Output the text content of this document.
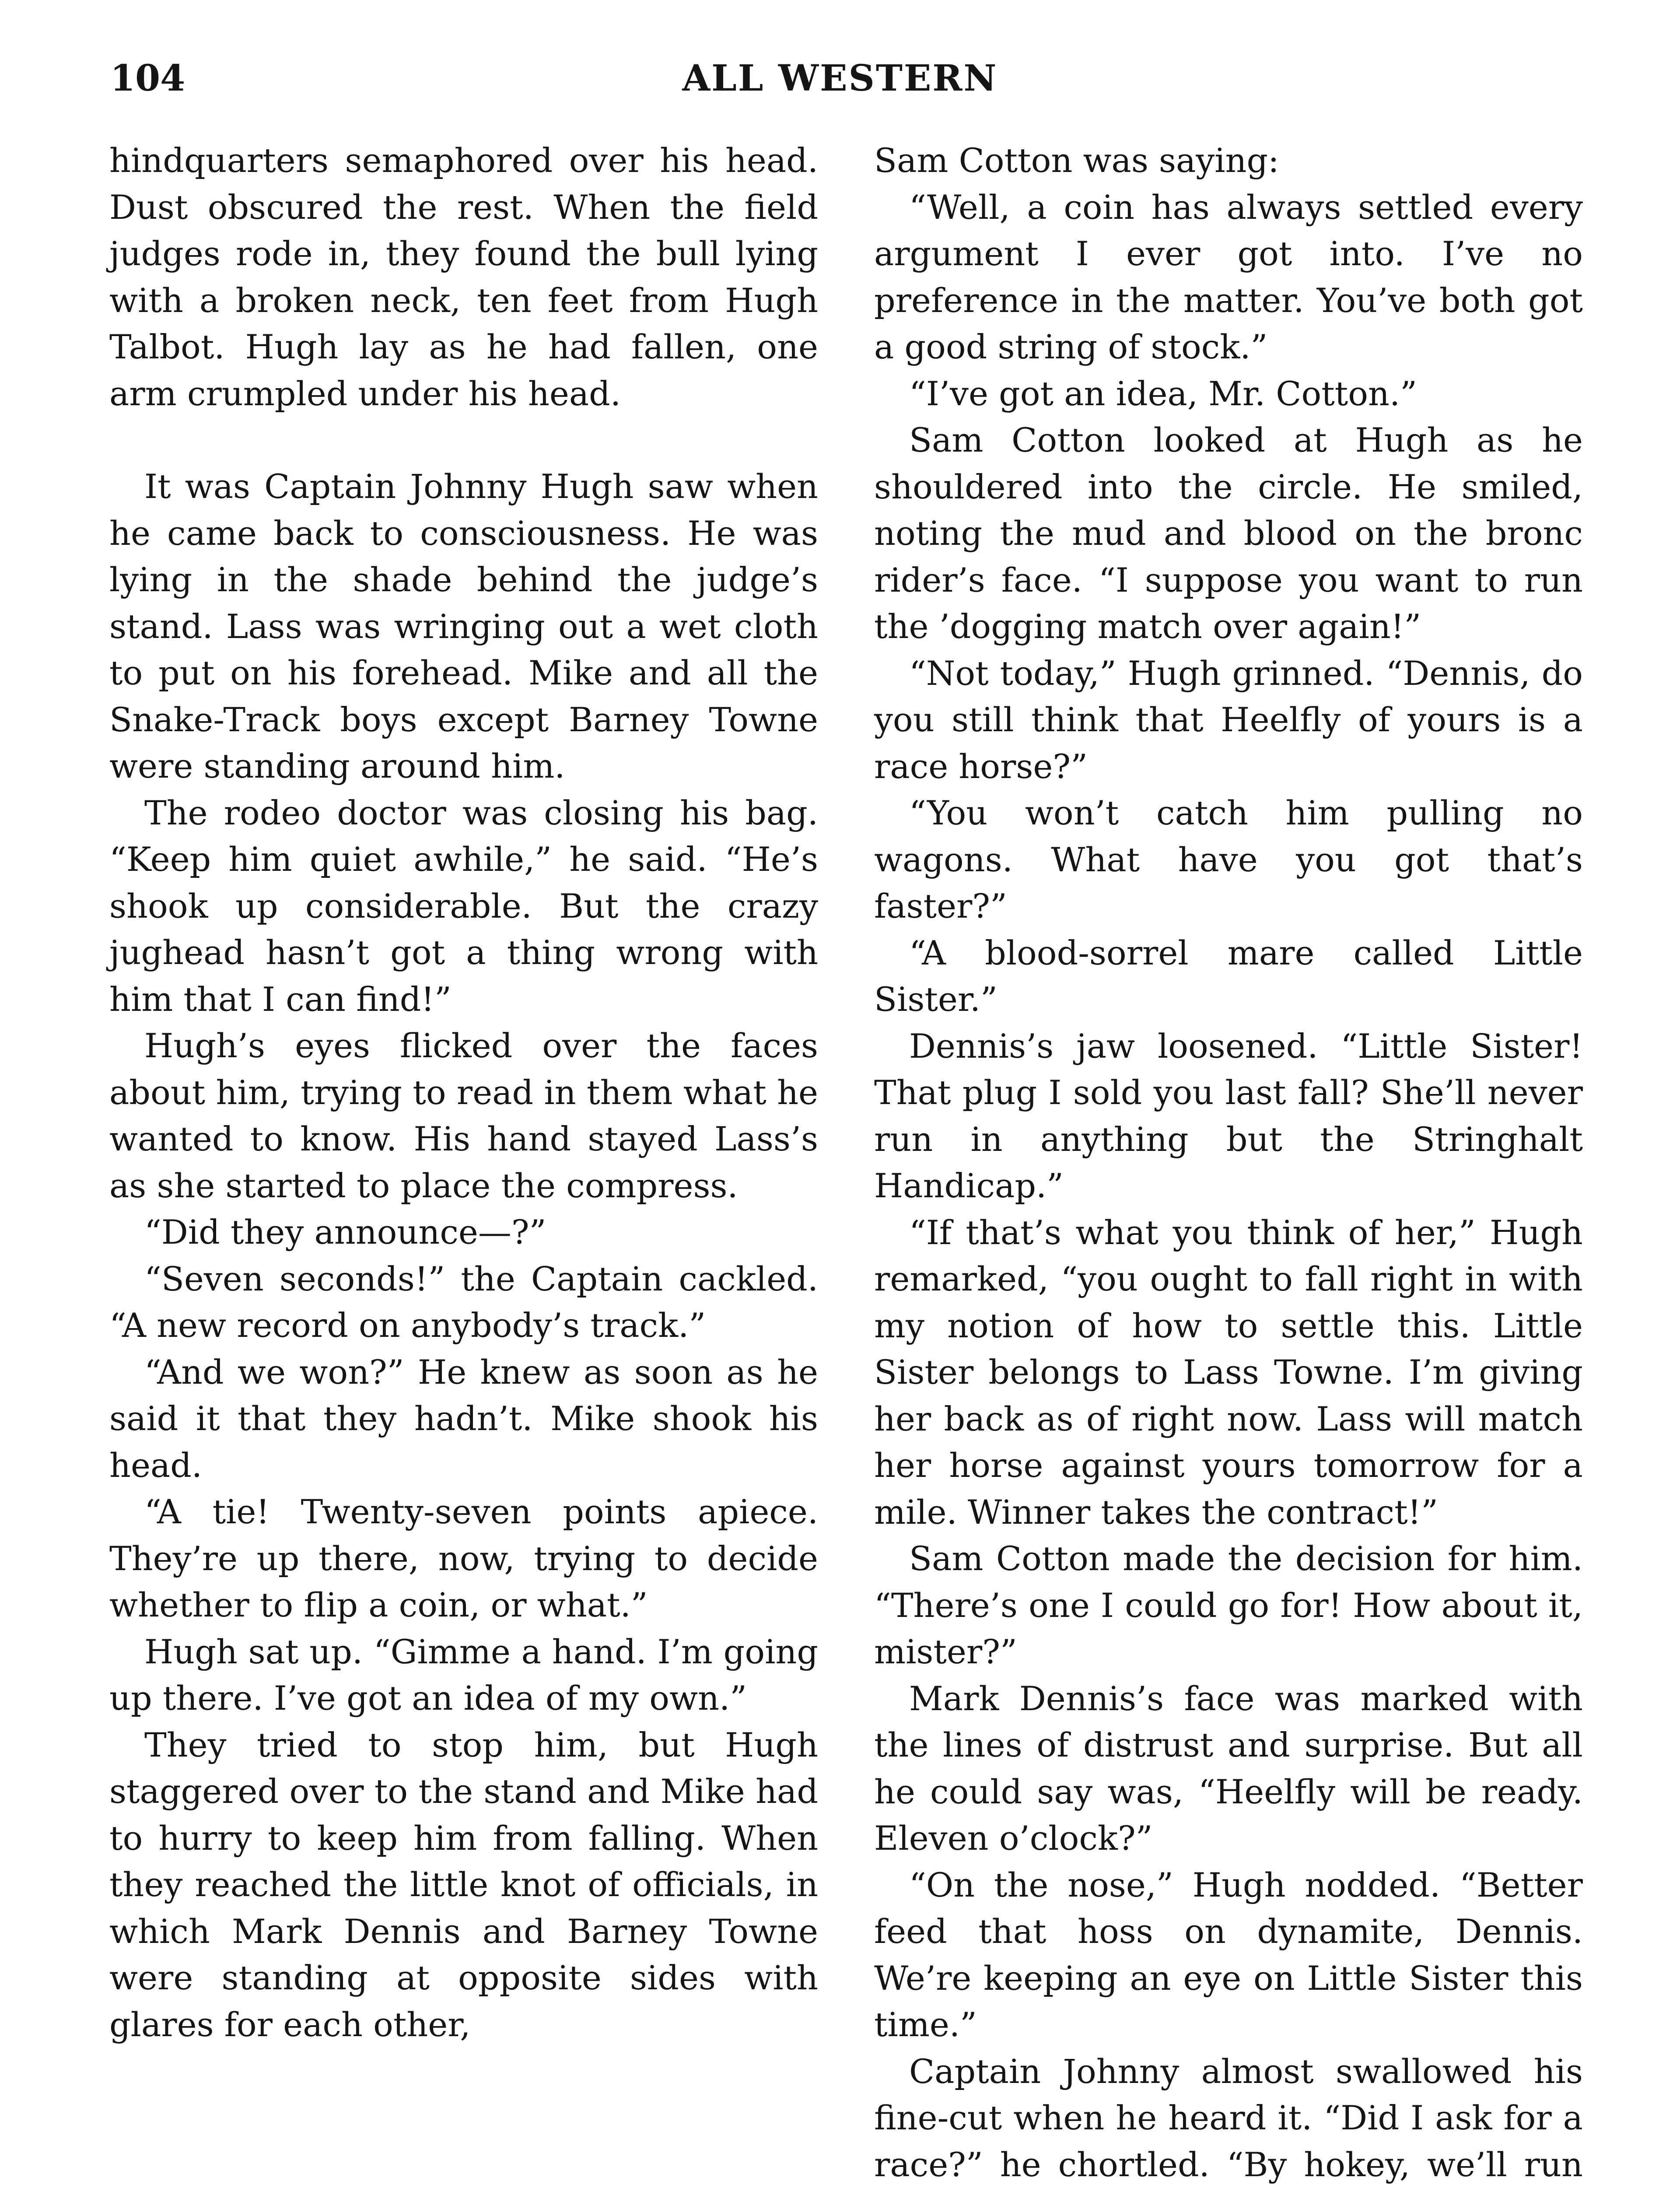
104	ALL WESTERN

hindquarters semaphored over his head. Dust obscured the rest. When the field judges rode in, they found the bull lying with a broken neck, ten feet from Hugh Talbot. Hugh lay as he had fallen, one arm crumpled under his head.

It was Captain Johnny Hugh saw when he came back to consciousness. He was lying in the shade behind the judge’s stand. Lass was wringing out a wet cloth to put on his forehead. Mike and all the Snake-Track boys except Barney Towne were standing around him.

The rodeo doctor was closing his bag. “Keep him quiet awhile,” he said. “He’s shook up considerable. But the crazy jughead hasn’t got a thing wrong with him that I can find!”

Hugh’s eyes flicked over the faces about him, trying to read in them what he wanted to know. His hand stayed Lass’s as she started to place the compress.

“Did they announce—?”

“Seven seconds!” the Captain cackled. “A new record on anybody’s track.”

“And we won?” He knew as soon as he said it that they hadn’t. Mike shook his head.

“A tie! Twenty-seven points apiece. They’re up there, now, trying to decide whether to flip a coin, or what.”

Hugh sat up. “Gimme a hand. I’m going up there. I’ve got an idea of my own.”

They tried to stop him, but Hugh staggered over to the stand and Mike had to hurry to keep him from falling. When they reached the little knot of officials, in which Mark Dennis and Barney Towne were standing at opposite sides with glares for each other,

Sam Cotton was saying:

“Well, a coin has always settled every argument I ever got into. I’ve no preference in the matter. You’ve both got a good string of stock.”

“I’ve got an idea, Mr. Cotton.”

Sam Cotton looked at Hugh as he shouldered into the circle. He smiled, noting the mud and blood on the bronc rider’s face. “I suppose you want to run the ’dogging match over again!”

“Not today,” Hugh grinned. “Dennis, do you still think that Heelfly of yours is a race horse?”

“You won’t catch him pulling no wagons. What have you got that’s faster?”

“A blood-sorrel mare called Little Sister.”

Dennis’s jaw loosened. “Little Sister! That plug I sold you last fall? She’ll never run in anything but the Stringhalt Handicap.”

“If that’s what you think of her,” Hugh remarked, “you ought to fall right in with my notion of how to settle this. Little Sister belongs to Lass Towne. I’m giving her back as of right now. Lass will match her horse against yours tomorrow for a mile. Winner takes the contract!”

Sam Cotton made the decision for him. “There’s one I could go for! How about it, mister?”

Mark Dennis’s face was marked with the lines of distrust and surprise. But all he could say was, “Heelfly will be ready. Eleven o’clock?”

“On the nose,” Hugh nodded. “Better feed that hoss on dynamite, Dennis. We’re keeping an eye on Little Sister this time.”

Captain Johnny almost swallowed his fine-cut when he heard it. “Did I ask for a race?” he chortled. “By hokey, we’ll run
